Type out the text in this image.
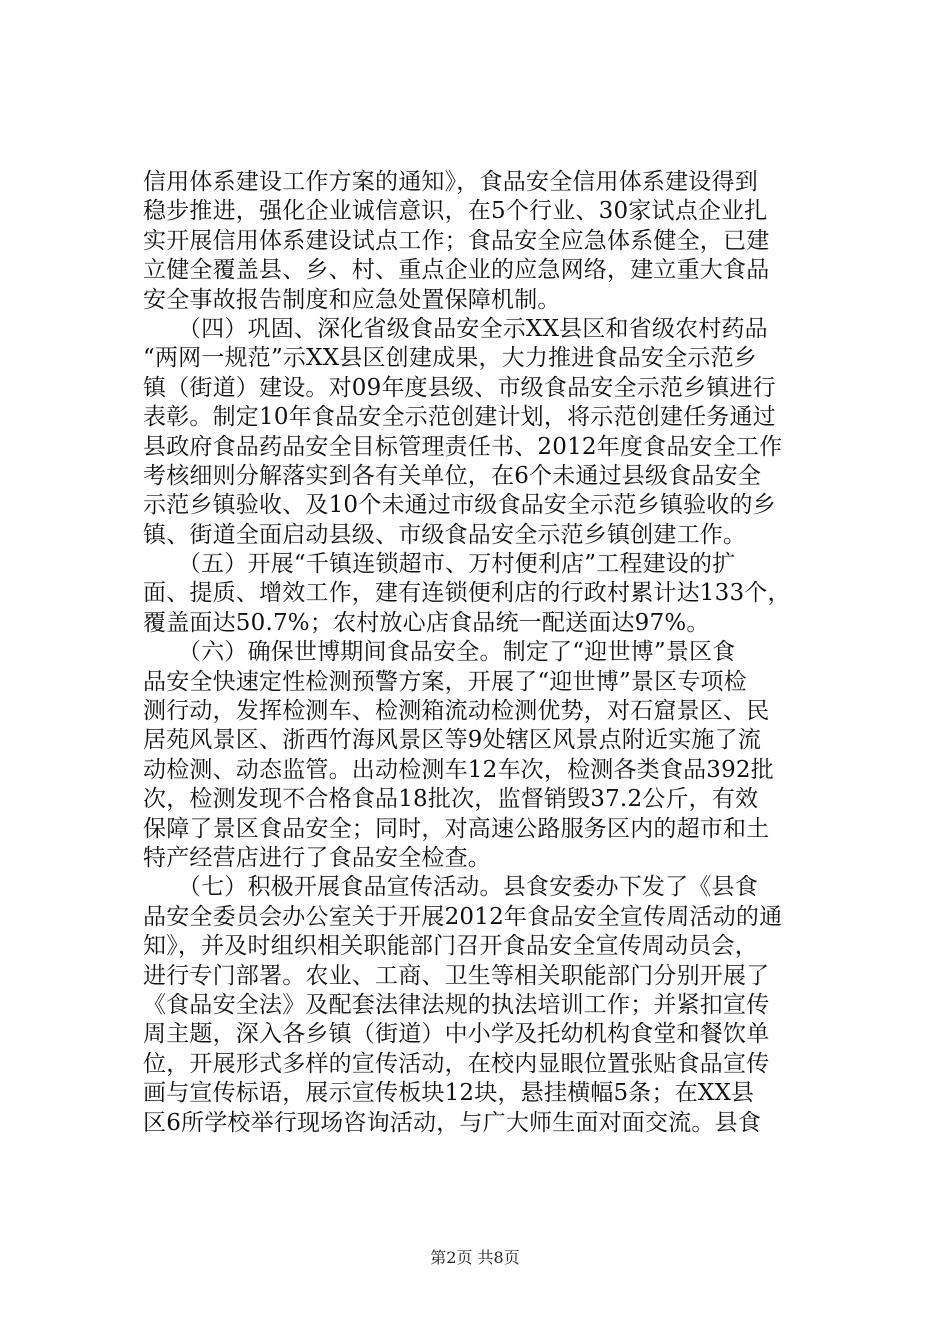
信用体系建设工作方案的通知》，食品安全信用体系建设得到
稳步推进，强化企业诚信意识，在5个行业、30家试点企业扎
实开展信用体系建设试点工作；食品安全应急体系健全，已建
立健全覆盖县、乡、村、重点企业的应急网络，建立重大食品
安全事故报告制度和应急处置保障机制。
　　（四）巩固、深化省级食品安全示XX县区和省级农村药品
“两网一规范”示XX县区创建成果，大力推进食品安全示范乡
镇（街道）建设。对09年度县级、市级食品安全示范乡镇进行
表彰。制定10年食品安全示范创建计划，将示范创建任务通过
县政府食品药品安全目标管理责任书、2012年度食品安全工作
考核细则分解落实到各有关单位，在6个未通过县级食品安全
示范乡镇验收、及10个未通过市级食品安全示范乡镇验收的乡
镇、街道全面启动县级、市级食品安全示范乡镇创建工作。
　　（五）开展“千镇连锁超市、万村便利店”工程建设的扩
面、提质、增效工作，建有连锁便利店的行政村累计达133个，
覆盖面达50.7%；农村放心店食品统一配送面达97%。
　　（六）确保世博期间食品安全。制定了“迎世博”景区食
品安全快速定性检测预警方案，开展了“迎世博”景区专项检
测行动，发挥检测车、检测箱流动检测优势，对石窟景区、民
居苑风景区、浙西竹海风景区等9处辖区风景点附近实施了流
动检测、动态监管。出动检测车12车次，检测各类食品392批
次，检测发现不合格食品18批次，监督销毁37.2公斤，有效
保障了景区食品安全；同时，对高速公路服务区内的超市和土
特产经营店进行了食品安全检查。
　　（七）积极开展食品宣传活动。县食安委办下发了《县食
品安全委员会办公室关于开展2012年食品安全宣传周活动的通
知》，并及时组织相关职能部门召开食品安全宣传周动员会，
进行专门部署。农业、工商、卫生等相关职能部门分别开展了
《食品安全法》及配套法律法规的执法培训工作；并紧扣宣传
周主题，深入各乡镇（街道）中小学及托幼机构食堂和餐饮单
位，开展形式多样的宣传活动，在校内显眼位置张贴食品宣传
画与宣传标语，展示宣传板块12块，悬挂横幅5条；在XX县
区6所学校举行现场咨询活动，与广大师生面对面交流。县食
第2页 共8页
